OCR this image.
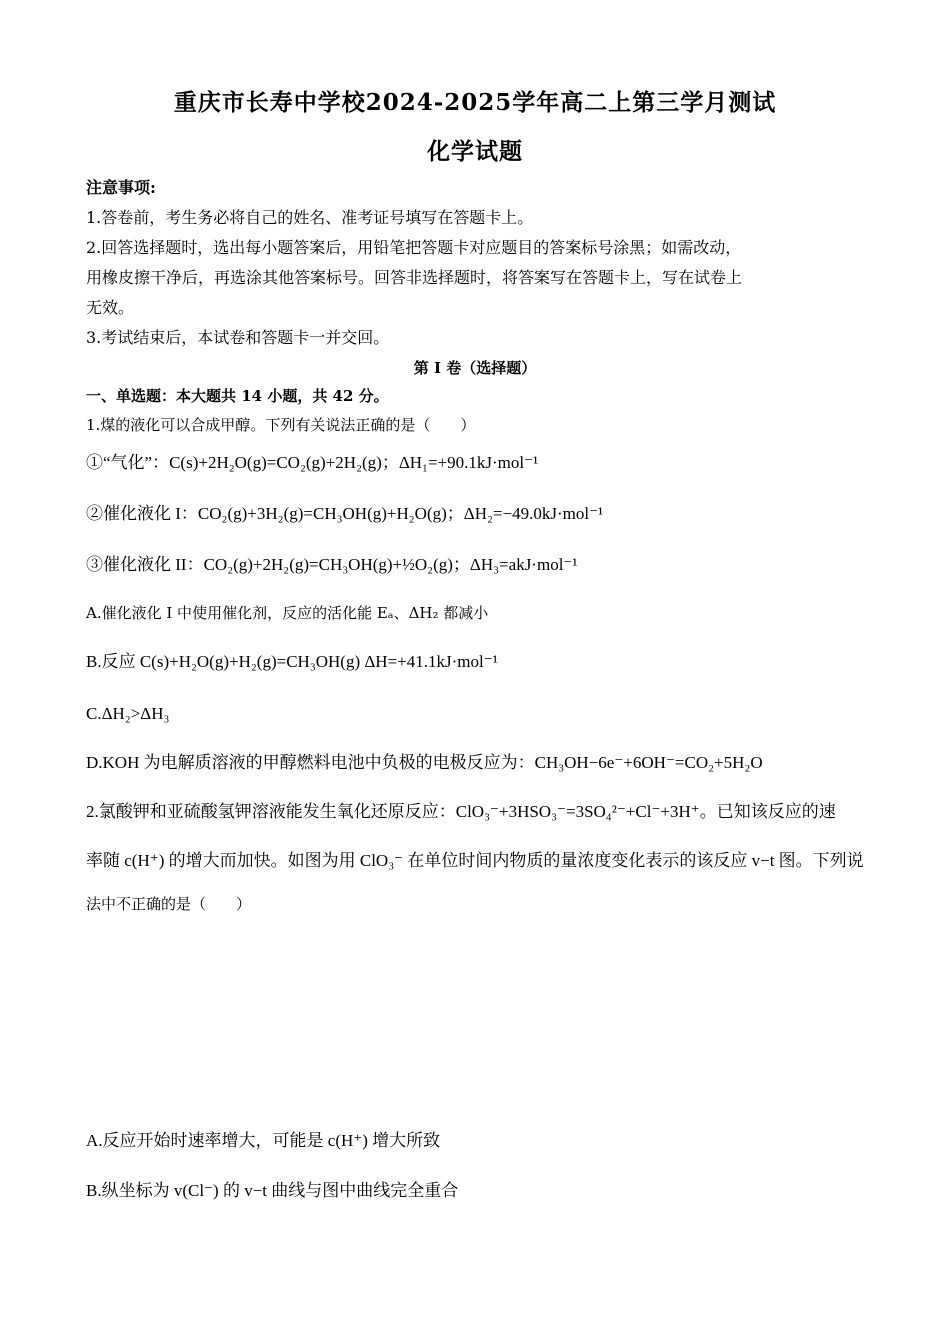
重庆市长寿中学校2024-2025学年高二上第三学月测试
化学试题
注意事项:
1.答卷前，考生务必将自己的姓名、准考证号填写在答题卡上。
2.回答选择题时，选出每小题答案后，用铅笔把答题卡对应题目的答案标号涂黑；如需改动，
用橡皮擦干净后，再选涂其他答案标号。回答非选择题时，将答案写在答题卡上，写在试卷上
无效。
3.考试结束后，本试卷和答题卡一并交回。
第 I 卷（选择题）
一、单选题：本大题共 14 小题，共 42 分。
1.煤的液化可以合成甲醇。下列有关说法正确的是（　　）
①“气化”：C(s)+2H₂O(g)=CO₂(g)+2H₂(g)；ΔH₁=+90.1kJ·mol⁻¹
②催化液化 I：CO₂(g)+3H₂(g)=CH₃OH(g)+H₂O(g)；ΔH₂=−49.0kJ·mol⁻¹
③催化液化 II：CO₂(g)+2H₂(g)=CH₃OH(g)+½O₂(g)；ΔH₃=akJ·mol⁻¹
A.催化液化 I 中使用催化剂，反应的活化能 Eₐ、ΔH₂ 都减小
B.反应 C(s)+H₂O(g)+H₂(g)=CH₃OH(g) ΔH=+41.1kJ·mol⁻¹
C.ΔH₂>ΔH₃
D.KOH 为电解质溶液的甲醇燃料电池中负极的电极反应为：CH₃OH−6e⁻+6OH⁻=CO₂+5H₂O
2.氯酸钾和亚硫酸氢钾溶液能发生氧化还原反应：ClO₃⁻+3HSO₃⁻=3SO₄²⁻+Cl⁻+3H⁺。已知该反应的速
率随 c(H⁺) 的增大而加快。如图为用 ClO₃⁻ 在单位时间内物质的量浓度变化表示的该反应 v−t 图。下列说
法中不正确的是（　　）
A.反应开始时速率增大，可能是 c(H⁺) 增大所致
B.纵坐标为 v(Cl⁻) 的 v−t 曲线与图中曲线完全重合
